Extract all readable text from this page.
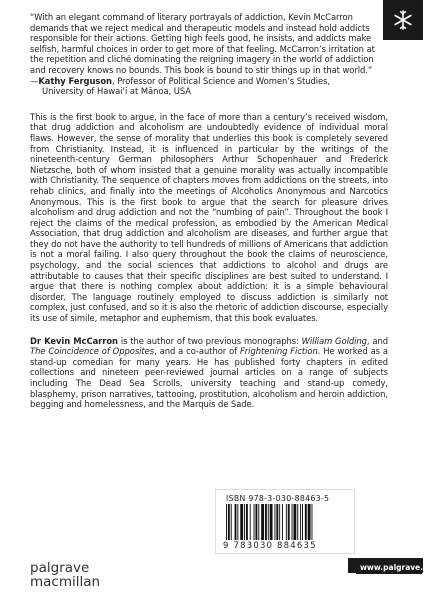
“With an elegant command of literary portrayals of addiction, Kevin McCarron demands that we reject medical and therapeutic models and instead hold addicts responsible for their actions. Getting high feels good, he insists, and addicts make selfish, harmful choices in order to get more of that feeling. McCarron’s irritation at the repetition and cliché dominating the reigning imagery in the world of addiction and recovery knows no bounds. This book is bound to stir things up in that world.”

—Kathy Ferguson, Professor of Political Science and Women’s Studies,

University of Hawai‘i at Mānoa, USA

This is the first book to argue, in the face of more than a century’s received wisdom, that drug addiction and alcoholism are undoubtedly evidence of individual moral flaws. However, the sense of morality that underlies this book is completely severed from Christianity. Instead, it is influenced in particular by the writings of the nineteenth-century German philosophers Arthur Schopenhauer and Frederick Nietzsche, both of whom insisted that a genuine morality was actually incompatible with Christianity. The sequence of chapters moves from addictions on the streets, into rehab clinics, and finally into the meetings of Alcoholics Anonymous and Narcotics Anonymous. This is the first book to argue that the search for pleasure drives alcoholism and drug addiction and not the “numbing of pain”. Throughout the book I reject the claims of the medical profession, as embodied by the American Medical Association, that drug addiction and alcoholism are diseases, and further argue that they do not have the authority to tell hundreds of millions of Americans that addiction is not a moral failing. I also query throughout the book the claims of neuroscience, psychology, and the social sciences that addictions to alcohol and drugs are attributable to causes that their specific disciplines are best suited to understand. I argue that there is nothing complex about addiction: it is a simple behavioural disorder. The language routinely employed to discuss addiction is similarly not complex, just confused, and so it is also the rhetoric of addiction discourse, especially its use of simile, metaphor and euphemism, that this book evaluates.

Dr Kevin McCarron is the author of two previous monographs: William Golding, and The Coincidence of Opposites, and a co-author of Frightening Fiction. He worked as a stand-up comedian for many years. He has published forty chapters in edited collections and nineteen peer-reviewed journal articles on a range of subjects including The Dead Sea Scrolls, university teaching and stand-up comedy, blasphemy, prison narratives, tattooing, prostitution, alcoholism and heroin addiction, begging and homelessness, and the Marquis de Sade.

ISBN 978-3-030-88463-5
9 783030 884635
palgrave
macmillan
www.palgrave.com
